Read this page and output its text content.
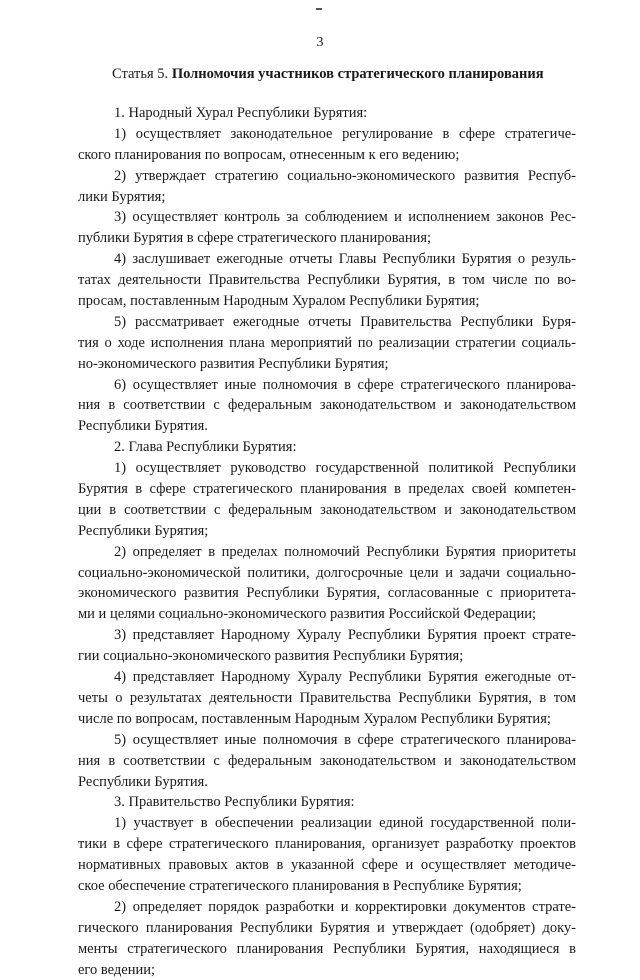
3
Статья 5. Полномочия участников стратегического планирования
1. Народный Хурал Республики Бурятия:
1) осуществляет законодательное регулирование в сфере стратегиче-
ского планирования по вопросам, отнесенным к его ведению;
2) утверждает стратегию социально-экономического развития Респуб-
лики Бурятия;
3) осуществляет контроль за соблюдением и исполнением законов Рес-
публики Бурятия в сфере стратегического планирования;
4) заслушивает ежегодные отчеты Главы Республики Бурятия о резуль-
татах деятельности Правительства Республики Бурятия, в том числе по во-
просам, поставленным Народным Хуралом Республики Бурятия;
5) рассматривает ежегодные отчеты Правительства Республики Буря-
тия о ходе исполнения плана мероприятий по реализации стратегии социаль-
но-экономического развития Республики Бурятия;
6) осуществляет иные полномочия в сфере стратегического планирова-
ния в соответствии с федеральным законодательством и законодательством
Республики Бурятия.
2. Глава Республики Бурятия:
1) осуществляет руководство государственной политикой Республики
Бурятия в сфере стратегического планирования в пределах своей компетен-
ции в соответствии с федеральным законодательством и законодательством
Республики Бурятия;
2) определяет в пределах полномочий Республики Бурятия приоритеты
социально-экономической политики, долгосрочные цели и задачи социально-
экономического развития Республики Бурятия, согласованные с приоритета-
ми и целями социально-экономического развития Российской Федерации;
3) представляет Народному Хуралу Республики Бурятия проект страте-
гии социально-экономического развития Республики Бурятия;
4) представляет Народному Хуралу Республики Бурятия ежегодные от-
четы о результатах деятельности Правительства Республики Бурятия, в том
числе по вопросам, поставленным Народным Хуралом Республики Бурятия;
5) осуществляет иные полномочия в сфере стратегического планирова-
ния в соответствии с федеральным законодательством и законодательством
Республики Бурятия.
3. Правительство Республики Бурятия:
1) участвует в обеспечении реализации единой государственной поли-
тики в сфере стратегического планирования, организует разработку проектов
нормативных правовых актов в указанной сфере и осуществляет методиче-
ское обеспечение стратегического планирования в Республике Бурятия;
2) определяет порядок разработки и корректировки документов страте-
гического планирования Республики Бурятия и утверждает (одобряет) доку-
менты стратегического планирования Республики Бурятия, находящиеся в
его ведении;
